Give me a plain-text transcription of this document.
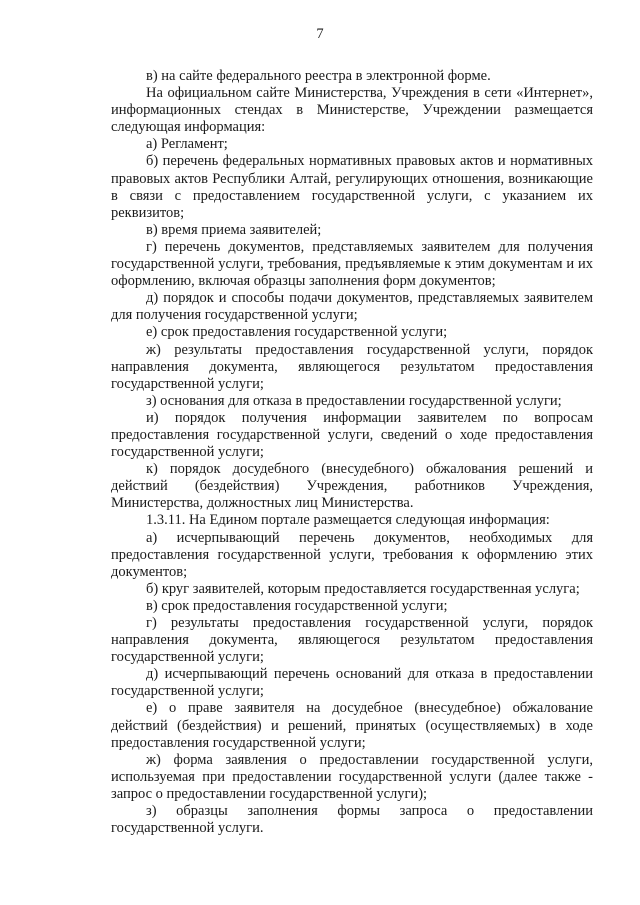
7

в) на сайте федерального реестра в электронной форме.

На официальном сайте Министерства, Учреждения в сети «Интернет», информационных стендах в Министерстве, Учреждении размещается следующая информация:

а) Регламент;

б) перечень федеральных нормативных правовых актов и нормативных правовых актов Республики Алтай, регулирующих отношения, возникающие в связи с предоставлением государственной услуги, с указанием их реквизитов;

в) время приема заявителей;

г) перечень документов, представляемых заявителем для получения государственной услуги, требования, предъявляемые к этим документам и их оформлению, включая образцы заполнения форм документов;

д) порядок и способы подачи документов, представляемых заявителем для получения государственной услуги;

е) срок предоставления государственной услуги;

ж) результаты предоставления государственной услуги, порядок направления документа, являющегося результатом предоставления государственной услуги;

з) основания для отказа в предоставлении государственной услуги;

и) порядок получения информации заявителем по вопросам предоставления государственной услуги, сведений о ходе предоставления государственной услуги;

к) порядок досудебного (внесудебного) обжалования решений и действий (бездействия) Учреждения, работников Учреждения, Министерства, должностных лиц Министерства.

1.3.11. На Едином портале размещается следующая информация:

а) исчерпывающий перечень документов, необходимых для предоставления государственной услуги, требования к оформлению этих документов;

б) круг заявителей, которым предоставляется государственная услуга;

в) срок предоставления государственной услуги;

г) результаты предоставления государственной услуги, порядок направления документа, являющегося результатом предоставления государственной услуги;

д) исчерпывающий перечень оснований для отказа в предоставлении государственной услуги;

е) о праве заявителя на досудебное (внесудебное) обжалование действий (бездействия) и решений, принятых (осуществляемых) в ходе предоставления государственной услуги;

ж) форма заявления о предоставлении государственной услуги, используемая при предоставлении государственной услуги (далее также - запрос о предоставлении государственной услуги);

з) образцы заполнения формы запроса о предоставлении государственной услуги.
